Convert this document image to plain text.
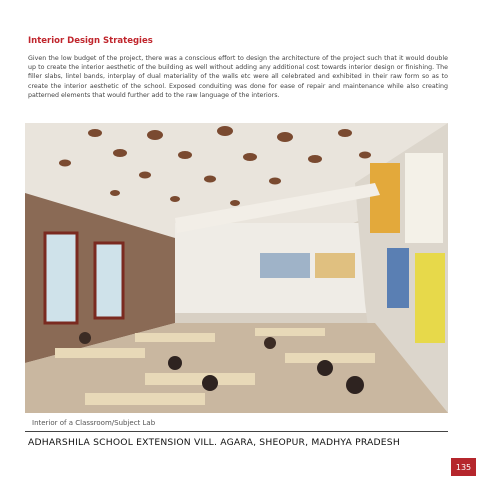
Interior Design Strategies
Given the low budget of the project, there was a conscious effort to design the architecture of the project such that it would double up to create the interior aesthetic of the building as well without adding any additional cost towards interior design or finishing. The filler slabs, lintel bands, interplay of dual materiality of the walls etc were all celebrated and exhibited in their raw form so as to create the interior aesthetic of the school. Exposed conduiting was done for ease of repair and maintenance while also creating patterned elements that would further add to the raw language of the interiors.
Interior of a Classroom/Subject Lab
ADHARSHILA SCHOOL EXTENSION VILL. AGARA, SHEOPUR, MADHYA PRADESH
135
